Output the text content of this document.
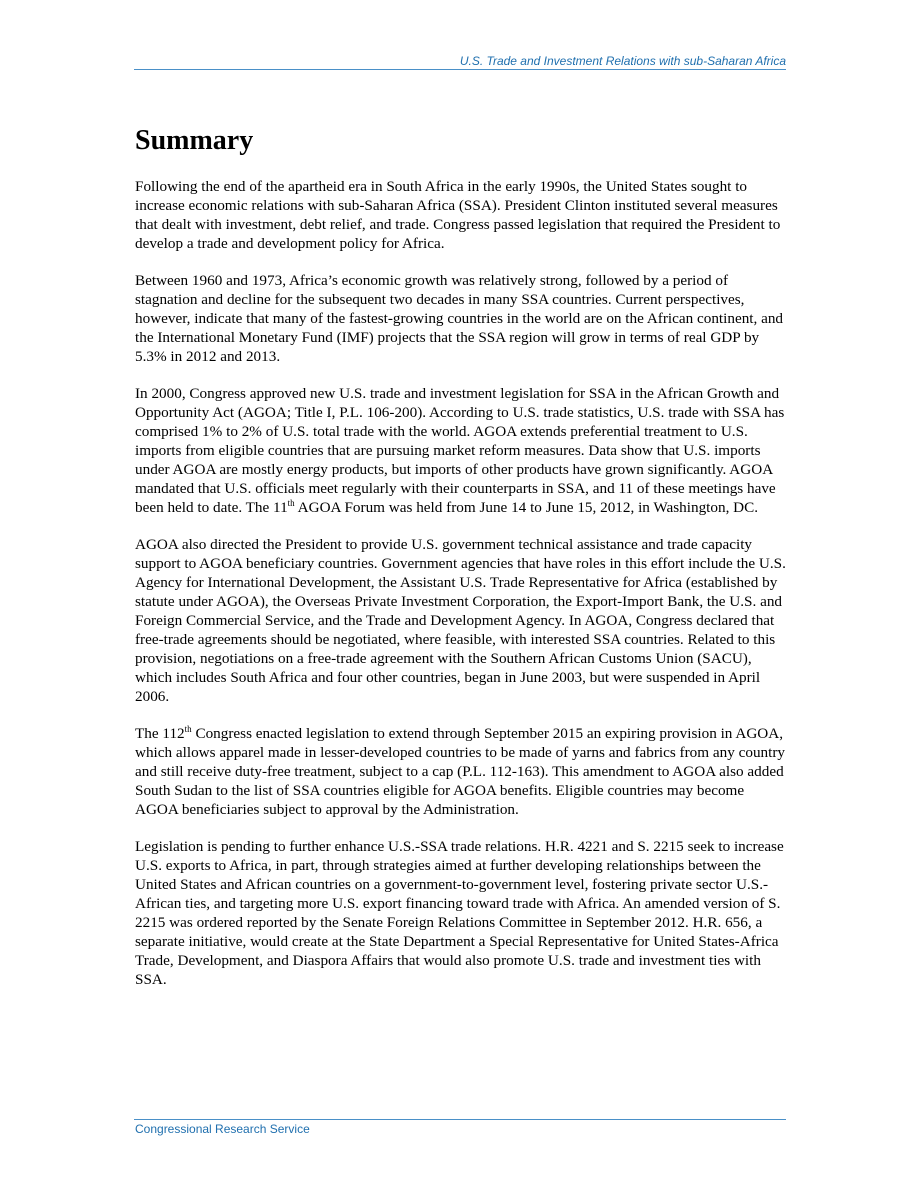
U.S. Trade and Investment Relations with sub-Saharan Africa
Summary

Following the end of the apartheid era in South Africa in the early 1990s, the United States sought to increase economic relations with sub-Saharan Africa (SSA). President Clinton instituted several measures that dealt with investment, debt relief, and trade. Congress passed legislation that required the President to develop a trade and development policy for Africa.

Between 1960 and 1973, Africa’s economic growth was relatively strong, followed by a period of stagnation and decline for the subsequent two decades in many SSA countries. Current perspectives, however, indicate that many of the fastest-growing countries in the world are on the African continent, and the International Monetary Fund (IMF) projects that the SSA region will grow in terms of real GDP by 5.3% in 2012 and 2013.

In 2000, Congress approved new U.S. trade and investment legislation for SSA in the African Growth and Opportunity Act (AGOA; Title I, P.L. 106-200). According to U.S. trade statistics, U.S. trade with SSA has comprised 1% to 2% of U.S. total trade with the world. AGOA extends preferential treatment to U.S. imports from eligible countries that are pursuing market reform measures. Data show that U.S. imports under AGOA are mostly energy products, but imports of other products have grown significantly. AGOA mandated that U.S. officials meet regularly with their counterparts in SSA, and 11 of these meetings have been held to date. The 11th AGOA Forum was held from June 14 to June 15, 2012, in Washington, DC.

AGOA also directed the President to provide U.S. government technical assistance and trade capacity support to AGOA beneficiary countries. Government agencies that have roles in this effort include the U.S. Agency for International Development, the Assistant U.S. Trade Representative for Africa (established by statute under AGOA), the Overseas Private Investment Corporation, the Export-Import Bank, the U.S. and Foreign Commercial Service, and the Trade and Development Agency. In AGOA, Congress declared that free-trade agreements should be negotiated, where feasible, with interested SSA countries. Related to this provision, negotiations on a free-trade agreement with the Southern African Customs Union (SACU), which includes South Africa and four other countries, began in June 2003, but were suspended in April 2006.

The 112th Congress enacted legislation to extend through September 2015 an expiring provision in AGOA, which allows apparel made in lesser-developed countries to be made of yarns and fabrics from any country and still receive duty-free treatment, subject to a cap (P.L. 112-163). This amendment to AGOA also added South Sudan to the list of SSA countries eligible for AGOA benefits. Eligible countries may become AGOA beneficiaries subject to approval by the Administration.

Legislation is pending to further enhance U.S.-SSA trade relations. H.R. 4221 and S. 2215 seek to increase U.S. exports to Africa, in part, through strategies aimed at further developing relationships between the United States and African countries on a government-to-government level, fostering private sector U.S.-African ties, and targeting more U.S. export financing toward trade with Africa. An amended version of S. 2215 was ordered reported by the Senate Foreign Relations Committee in September 2012. H.R. 656, a separate initiative, would create at the State Department a Special Representative for United States-Africa Trade, Development, and Diaspora Affairs that would also promote U.S. trade and investment ties with SSA.

Congressional Research Service
